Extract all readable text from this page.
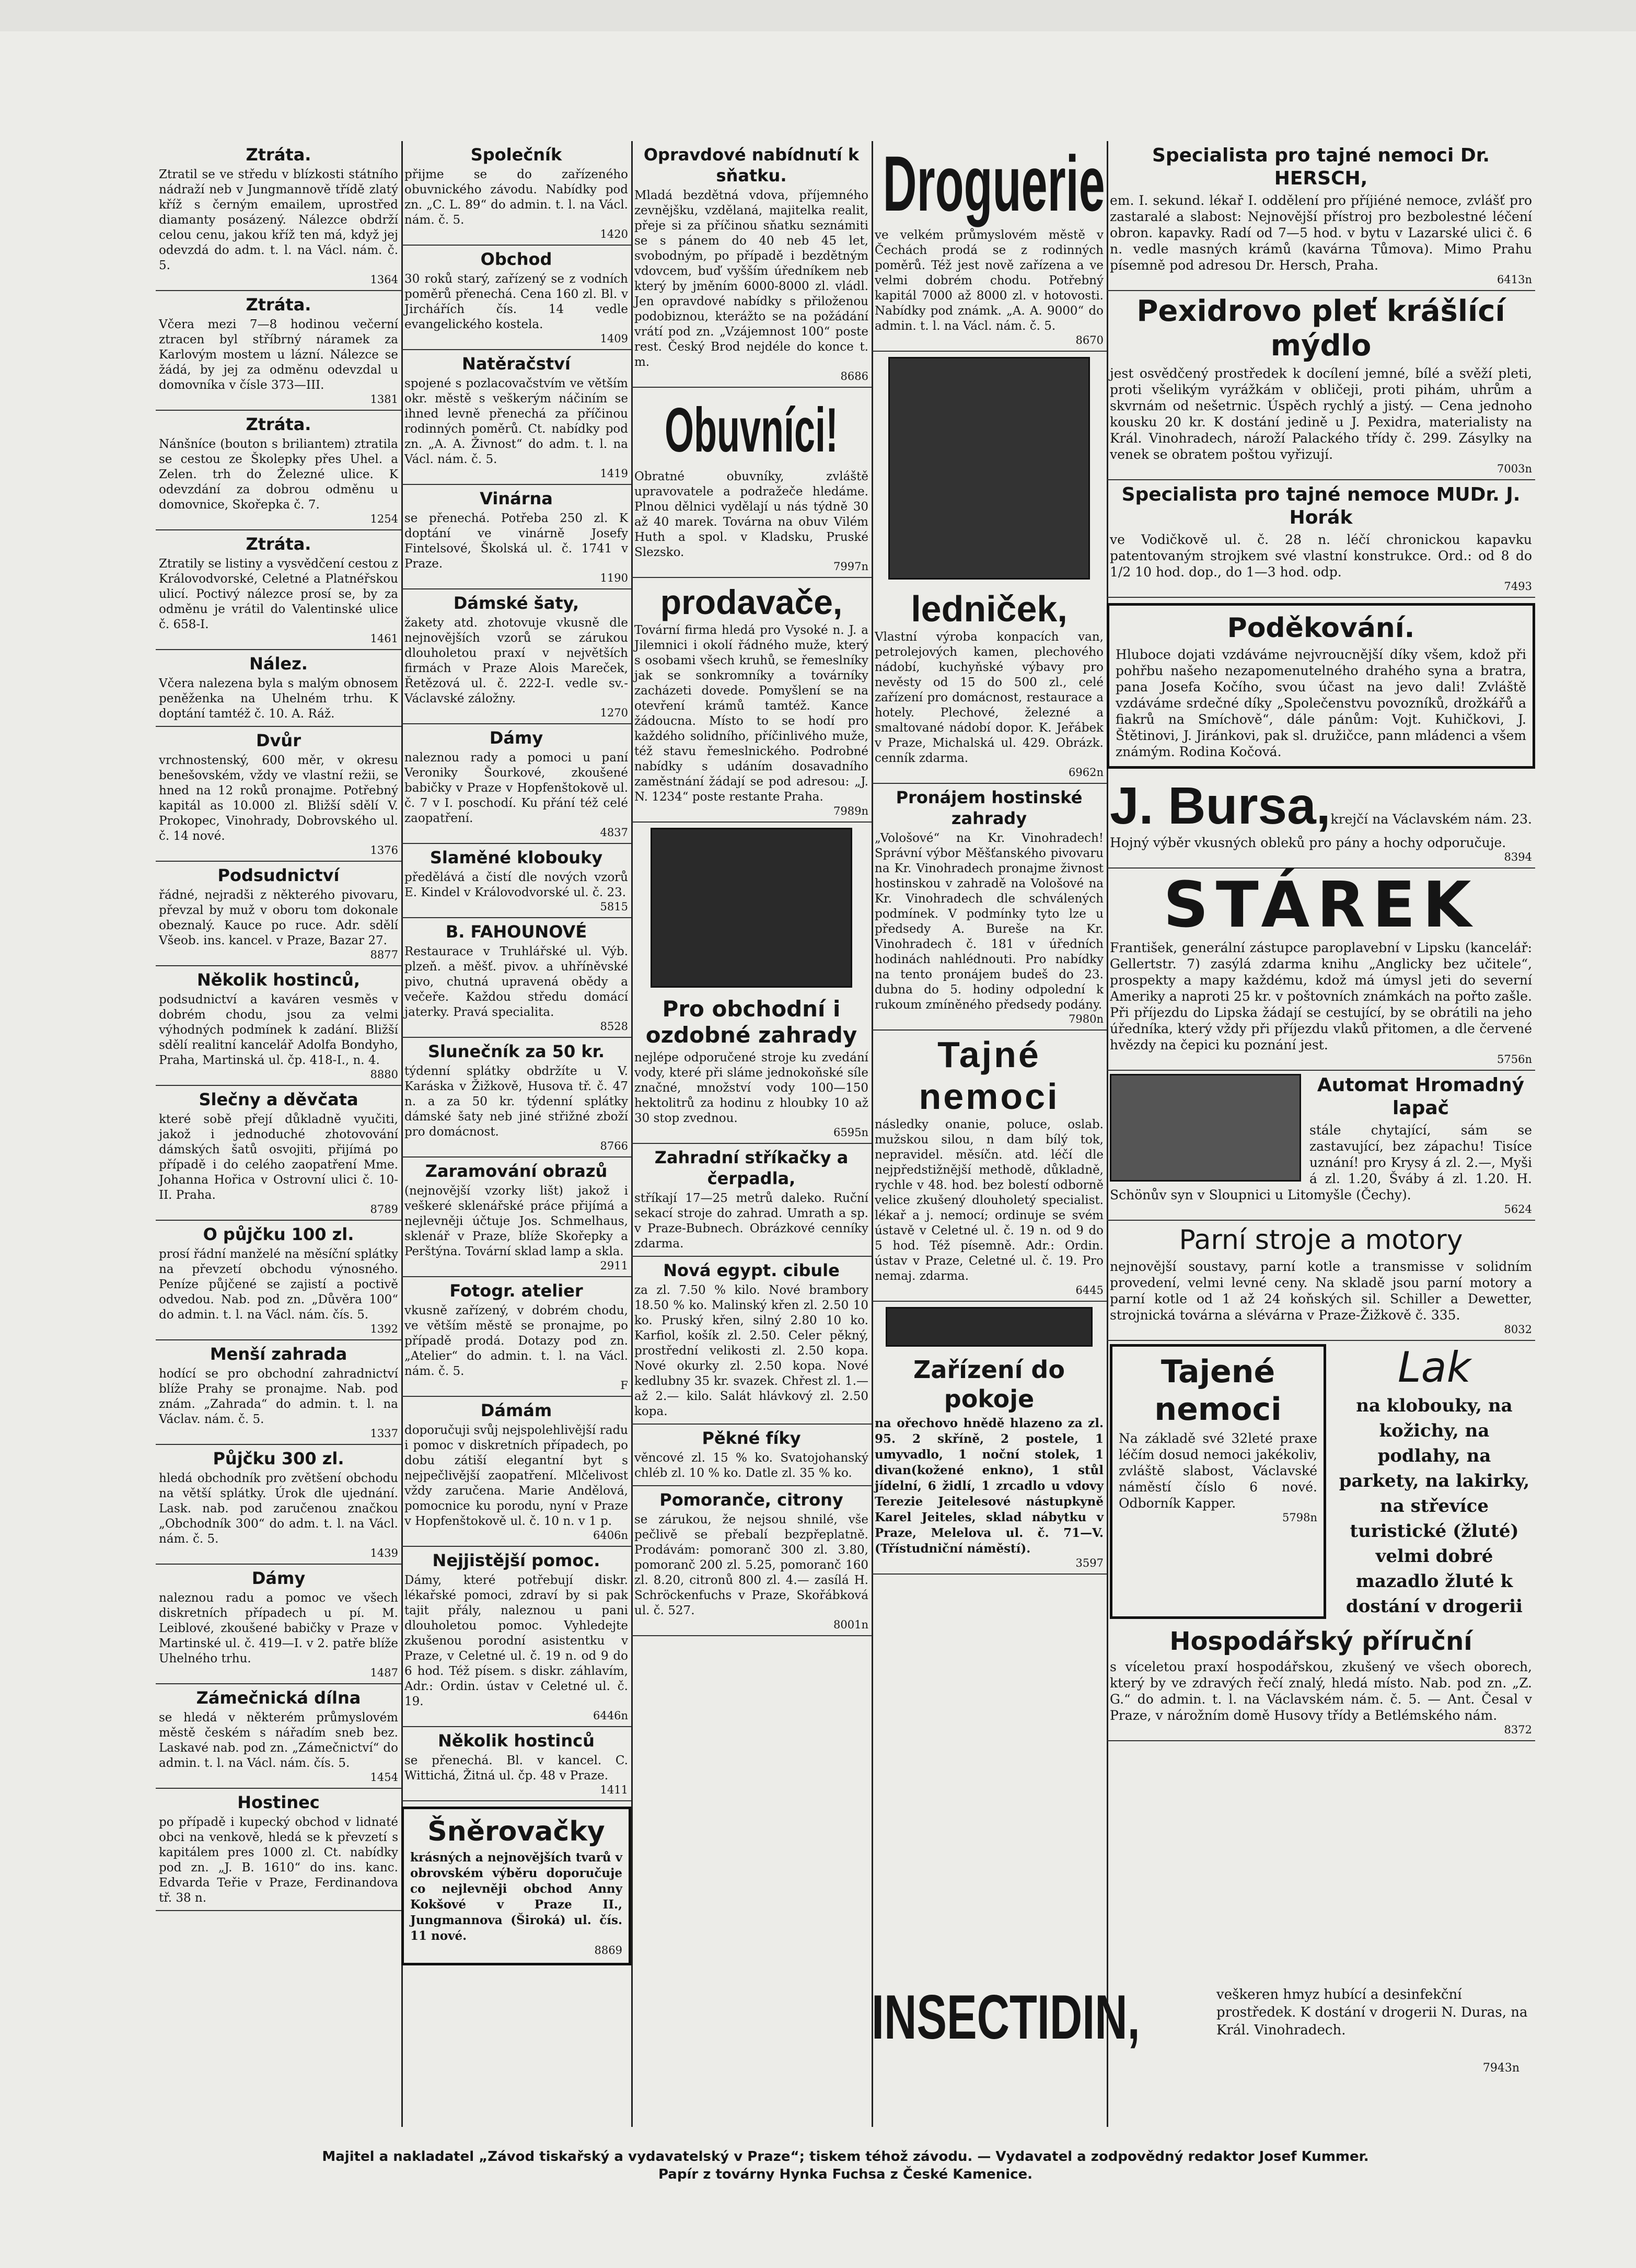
Ztráta.
Ztratil se ve středu v blízkosti státního nádraží neb v Jungmannově třídě zlatý kříž s černým emailem, uprostřed diamanty posázený. Nálezce obdrží celou cenu, jakou kříž ten má, když jej odevzdá do adm. t. l. na Václ. nám. č. 5.
1364
Ztráta.
Včera mezi 7—8 hodinou večerní ztracen byl stříbrný náramek za Karlovým mostem u lázní. Nálezce se žádá, by jej za odměnu odevzdal u domovníka v čísle 373—III.
1381
Ztráta.
Nánšníce (bouton s briliantem) ztratila se cestou ze Školepky přes Uhel. a Zelen. trh do Železné ulice. K odevzdání za dobrou odměnu u domovnice, Skořepka č. 7.
1254
Ztráta.
Ztratily se listiny a vysvědčení cestou z Královodvorské, Celetné a Platnéřskou ulicí. Poctivý nálezce prosí se, by za odměnu je vrátil do Valentinské ulice č. 658-I.
1461
Nález.
Včera nalezena byla s malým obnosem peněženka na Uhelném trhu. K doptání tamtéž č. 10. A. Ráž.
Dvůr
vrchnostenský, 600 měr, v okresu benešovském, vždy ve vlastní režii, se hned na 12 roků pronajme. Potřebný kapitál as 10.000 zl. Bližší sdělí V. Prokopec, Vinohrady, Dobrovského ul. č. 14 nové.
1376
Podsudnictví
řádné, nejradši z některého pivovaru, převzal by muž v oboru tom dokonale obeznalý. Kauce po ruce. Adr. sdělí Všeob. ins. kancel. v Praze, Bazar 27.
8877
Několik hostinců,
podsudnictví a kaváren vesměs v dobrém chodu, jsou za velmi výhodných podmínek k zadání. Bližší sdělí realitní kancelář Adolfa Bondyho, Praha, Martinská ul. čp. 418-I., n. 4.
8880
Slečny a děvčata
které sobě přejí důkladně vyučiti, jakož i jednoduché zhotovování dámských šatů osvojiti, přijímá po případě i do celého zaopatření Mme. Johanna Hořica v Ostrovní ulici č. 10-II. Praha.
8789
O půjčku 100 zl.
prosí řádní manželé na měsíční splátky na převzetí obchodu výnosného. Peníze půjčené se zajistí a poctivě odvedou. Nab. pod zn. „Důvěra 100“ do admin. t. l. na Václ. nám. čís. 5.
1392
Menší zahrada
hodící se pro obchodní zahradnictví blíže Prahy se pronajme. Nab. pod znám. „Zahrada“ do admin. t. l. na Václav. nám. č. 5.
1337
Půjčku 300 zl.
hledá obchodník pro zvětšení obchodu na větší splátky. Úrok dle ujednání. Lask. nab. pod zaručenou značkou „Obchodník 300“ do adm. t. l. na Václ. nám. č. 5.
1439
Dámy
naleznou radu a pomoc ve všech diskretních případech u pí. M. Leiblové, zkoušené babičky v Praze v Martinské ul. č. 419—I. v 2. patře blíže Uhelného trhu.
1487
Zámečnická dílna
se hledá v některém průmyslovém městě českém s nářadím sneb bez. Laskavé nab. pod zn. „Zámečnictví“ do admin. t. l. na Václ. nám. čís. 5.
1454
Hostinec
po případě i kupecký obchod v lidnaté obci na venkově, hledá se k převzetí s kapitálem pres 1000 zl. Ct. nabídky pod zn. „J. B. 1610“ do ins. kanc. Edvarda Teřie v Praze, Ferdinandova tř. 38 n.
Společník
přijme se do zařízeného obuvnického závodu. Nabídky pod zn. „C. L. 89“ do admin. t. l. na Václ. nám. č. 5.
1420
Obchod
30 roků starý, zařízený se z vodních poměrů přenechá. Cena 160 zl. Bl. v Jirchářích čís. 14 vedle evangelického kostela.
1409
Natěračství
spojené s pozlacovačstvím ve větším okr. městě s veškerým náčiním se ihned levně přenechá za příčinou rodinných poměrů. Ct. nabídky pod zn. „A. A. Živnost“ do adm. t. l. na Václ. nám. č. 5.
1419
Vinárna
se přenechá. Potřeba 250 zl. K doptání ve vinárně Josefy Fintelsové, Školská ul. č. 1741 v Praze.
1190
Dámské šaty,
žakety atd. zhotovuje vkusně dle nejnovějších vzorů se zárukou dlouholetou praxí v největších firmách v Praze Alois Mareček, Řetězová ul. č. 222-I. vedle sv.-Václavské záložny.
1270
Dámy
naleznou rady a pomoci u paní Veroniky Šourkové, zkoušené babičky v Praze v Hopfenštokově ul. č. 7 v I. poschodí. Ku přání též celé zaopatření.
4837
Slaměné klobouky
předělává a čistí dle nových vzorů E. Kindel v Královodvorské ul. č. 23.
5815
B. FAHOUNOVÉ
Restaurace v Truhlářské ul. Výb. plzeň. a měšť. pivov. a uhříněvské pivo, chutná upravená obědy a večeře. Každou středu domácí jaterky. Pravá specialita.
8528
Slunečník za 50 kr.
týdenní splátky obdržíte u V. Karáska v Žižkově, Husova tř. č. 47 n. a za 50 kr. týdenní splátky dámské šaty neb jiné střižné zboží pro domácnost.
8766
Zaramování obrazů
(nejnovější vzorky lišt) jakož i veškeré sklenářské práce přijímá a nejlevněji účtuje Jos. Schmelhaus, sklenář v Praze, blíže Skořepky a Perštýna. Tovární sklad lamp a skla.
2911
Fotogr. atelier
vkusně zařízený, v dobrém chodu, ve větším městě se pronajme, po případě prodá. Dotazy pod zn. „Atelier“ do admin. t. l. na Václ. nám. č. 5.
F
Dámám
doporučuji svůj nejspolehlivější radu i pomoc v diskretních případech, po dobu zátiší elegantní byt s nejpečlivější zaopatření. Mlčelivost vždy zaručena. Marie Andělová, pomocnice ku porodu, nyní v Praze v Hopfenštokově ul. č. 10 n. v 1 p.
6406n
Nejjistější pomoc.
Dámy, které potřebují diskr. lékařské pomoci, zdraví by si pak tajit přály, naleznou u pani dlouholetou pomoc. Vyhledejte zkušenou porodní asistentku v Praze, v Celetné ul. č. 19 n. od 9 do 6 hod. Též písem. s diskr. záhlavím, Adr.: Ordin. ústav v Celetné ul. č. 19.
6446n
Několik hostinců
se přenechá. Bl. v kancel. C. Wittichá, Žitná ul. čp. 48 v Praze.
1411
Šněrovačky
krásných a nejnovějších tvarů v obrovském výběru doporučuje co nejlevněji obchod Anny Kokšové v Praze II., Jungmannova (Široká) ul. čís. 11 nové.
8869
Opravdové nabídnutí k sňatku.
Mladá bezdětná vdova, příjemného zevnějšku, vzdělaná, majitelka realit, přeje si za příčinou sňatku seznámiti se s pánem do 40 neb 45 let, svobodným, po případě i bezdětným vdovcem, buď vyšším úředníkem neb který by jměním 6000-8000 zl. vládl. Jen opravdové nabídky s přiloženou podobiznou, kterážto se na požádání vrátí pod zn. „Vzájemnost 100“ poste rest. Český Brod nejdéle do konce t. m.
8686
Obuvníci!
Obratné obuvníky, zvláště upravovatele a podražeče hledáme. Plnou dělnici vydělají u nás týdně 30 až 40 marek. Továrna na obuv Vilém Huth a spol. v Kladsku, Pruské Slezsko.
7997n
prodavače,
Tovární firma hledá pro Vysoké n. J. a Jilemnici i okolí řádného muže, který s osobami všech kruhů, se řemeslníky jak se sonkromníky a továrníky zacházeti dovede. Pomyšlení se na otevření krámů tamtéž. Kance žádoucna. Místo to se hodí pro každého solidního, příčinlivého muže, též stavu řemeslnického. Podrobné nabídky s udáním dosavadního zaměstnání žádají se pod adresou: „J. N. 1234“ poste restante Praha.
7989n
Pro obchodní i ozdobné zahrady
nejlépe odporučené stroje ku zvedání vody, které při sláme jednokoňské síle značné, množství vody 100—150 hektolitrů za hodinu z hloubky 10 až 30 stop zvednou.
6595n
Zahradní stříkačky a čerpadla,
stříkají 17—25 metrů daleko. Ruční sekací stroje do zahrad. Umrath a sp. v Praze-Bubnech. Obrázkové cenníky zdarma.
Nová egypt. cibule
za zl. 7.50 % kilo. Nové brambory 18.50 % ko. Malinský křen zl. 2.50 10 ko. Pruský křen, silný 2.80 10 ko. Karfiol, košík zl. 2.50. Celer pěkný, prostřední velikosti zl. 2.50 kopa. Nové okurky zl. 2.50 kopa. Nové kedlubny 35 kr. svazek. Chřest zl. 1.— až 2.— kilo. Salát hlávkový zl. 2.50 kopa.
Pěkné fíky
věncové zl. 15 % ko. Svatojohanský chléb zl. 10 % ko. Datle zl. 35 % ko.
Pomoranče, citrony
se zárukou, že nejsou shnilé, vše pečlivě se přebalí bezpřeplatně. Prodávám: pomoranč 300 zl. 3.80, pomoranč 200 zl. 5.25, pomoranč 160 zl. 8.20, citronů 800 zl. 4.— zasílá H. Schröckenfuchs v Praze, Skořábková ul. č. 527.
8001n
Droguerie
ve velkém průmyslovém městě v Čechách prodá se z rodinných poměrů. Též jest nově zařízena a ve velmi dobrém chodu. Potřebný kapitál 7000 až 8000 zl. v hotovosti. Nabídky pod známk. „A. A. 9000“ do admin. t. l. na Václ. nám. č. 5.
8670
ledniček,
Vlastní výroba konpacích van, petrolejových kamen, plechového nádobí, kuchyňské výbavy pro nevěsty od 15 do 500 zl., celé zařízení pro domácnost, restaurace a hotely. Plechové, železné a smaltované nádobí dopor. K. Jeřábek v Praze, Michalská ul. 429. Obrázk. cenník zdarma.
6962n
Pronájem hostinské zahrady
„Vološové“ na Kr. Vinohradech! Správní výbor Měšťanského pivovaru na Kr. Vinohradech pronajme živnost hostinskou v zahradě na Vološové na Kr. Vinohradech dle schválených podmínek. V podmínky tyto lze u předsedy A. Bureše na Kr. Vinohradech č. 181 v úředních hodinách nahlédnouti. Pro nabídky na tento pronájem budeš do 23. dubna do 5. hodiny odpolední k rukoum zmíněného předsedy podány.
7980n
Tajné nemoci
následky onanie, poluce, oslab. mužskou silou, n dam bílý tok, nepravidel. měsíčn. atd. léčí dle nejpředstižnější methodě, důkladně, rychle v 48. hod. bez bolestí odborně velice zkušený dlouholetý specialist. lékař a j. nemocí; ordinuje se svém ústavě v Celetné ul. č. 19 n. od 9 do 5 hod. Též písemně. Adr.: Ordin. ústav v Praze, Celetné ul. č. 19. Pro nemaj. zdarma.
6445
Zařízení do pokoje
na ořechovo hnědě hlazeno za zl. 95. 2 skříně, 2 postele, 1 umyvadlo, 1 noční stolek, 1 divan(kožené enkno), 1 stůl jídelní, 6 židlí, 1 zrcadlo u vdovy Terezie Jeitelesové nástupkyně Karel Jeiteles, sklad nábytku v Praze, Melelova ul. č. 71—V. (Třístudniční náměstí).
3597
Specialista pro tajné nemoci Dr. HERSCH,
em. I. sekund. lékař I. oddělení pro příjiéné nemoce, zvlášť pro zastaralé a slabost: Nejnovější přístroj pro bezbolestné léčení obron. kapavky. Radí od 7—5 hod. v bytu v Lazarské ulici č. 6 n. vedle masných krámů (kavárna Tůmova). Mimo Prahu písemně pod adresou Dr. Hersch, Praha.
6413n
Pexidrovo pleť krášlící mýdlo
jest osvědčený prostředek k docílení jemné, bílé a svěží pleti, proti všelikým vyrážkám v obličeji, proti pihám, uhrům a skvrnám od nešetrnic. Úspěch rychlý a jistý. — Cena jednoho kousku 20 kr. K dostání jedině u J. Pexidra, materialisty na Král. Vinohradech, nároží Palackého třídy č. 299. Zásylky na venek se obratem poštou vyřizují.
7003n
Specialista pro tajné nemoce MUDr. J. Horák
ve Vodičkově ul. č. 28 n. léčí chronickou kapavku patentovaným strojkem své vlastní konstrukce. Ord.: od 8 do 1/2 10 hod. dop., do 1—3 hod. odp.
7493
Poděkování.
Hluboce dojati vzdáváme nejvroucnější díky všem, kdož při pohřbu našeho nezapomenutelného drahého syna a bratra, pana Josefa Kočího, svou účast na jevo dali! Zvláště vzdáváme srdečné díky „Společenstvu povozníků, drožkářů a fiakrů na Smíchově“, dále pánům: Vojt. Kuhičkovi, J. Štětinovi, J. Jiránkovi, pak sl. družičce, pann mládenci a všem známým. Rodina Kočová.
J. Bursa,krejčí na Václavském nám. 23. Hojný výběr vkusných obleků pro pány a hochy odporučuje.
8394
STÁREK
František, generální zástupce paroplavební v Lipsku (kancelář: Gellertstr. 7) zasýlá zdarma knihu „Anglicky bez učitele“, prospekty a mapy každému, kdož má úmysl jeti do severní Ameriky a naproti 25 kr. v poštovních známkách na pořto zašle. Při příjezdu do Lipska žádají se cestující, by se obrátili na jeho úředníka, který vždy při příjezdu vlaků přitomen, a dle červené hvězdy na čepici ku poznání jest.
5756n
Automat Hromadný lapač
stále chytající, sám se zastavující, bez zápachu! Tisíce uznání! pro Krysy á zl. 2.—, Myši á zl. 1.20, Šváby á zl. 1.20. H. Schönův syn v Sloupnici u Litomyšle (Čechy).
5624
Parní stroje a motory
nejnovější soustavy, parní kotle a transmisse v solidním provedení, velmi levné ceny. Na skladě jsou parní motory a parní kotle od 1 až 24 koňských sil. Schiller a Dewetter, strojnická továrna a slévárna v Praze-Žižkově č. 335.
8032
Tajené nemoci
Na základě své 32leté praxe léčím dosud nemoci jakékoliv, zvláště slabost, Václavské náměstí číslo 6 nové. Odborník Kapper.
5798n
Lak
na klobouky, na kožichy, na podlahy, na parkety, na lakirky, na střevíce turistické (žluté) velmi dobré mazadlo žluté k dostání v drogerii
Hospodářský příruční
s víceletou praxí hospodářskou, zkušený ve všech oborech, který by ve zdravých řečí znalý, hledá místo. Nab. pod zn. „Z. G.“ do admin. t. l. na Václavském nám. č. 5. — Ant. Česal v Praze, v nárožním domě Husovy třídy a Betlémského nám.
8372
INSECTIDIN,	veškeren hmyz hubící a desinfekční prostředek. K dostání v drogerii N. Duras, na Král. Vinohradech.
7943n
Majitel a nakladatel „Závod tiskařský a vydavatelský v Praze“; tiskem téhož závodu. — Vydavatel a zodpovědný redaktor Josef Kummer.
Papír z továrny Hynka Fuchsa z České Kamenice.
